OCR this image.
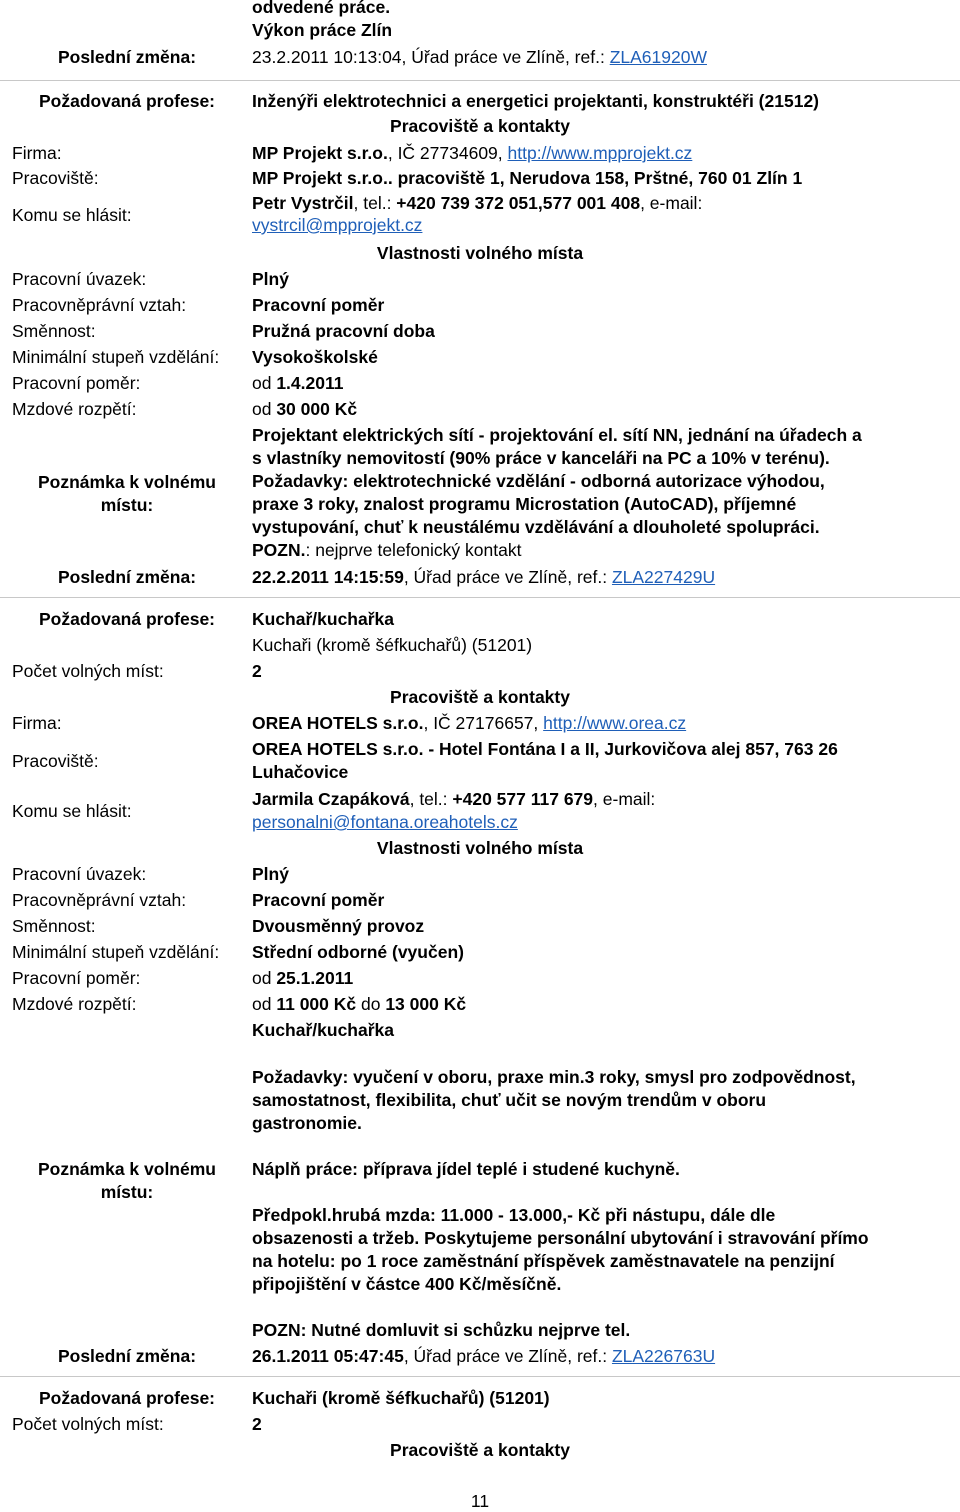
odvedené práce.
Výkon práce Zlín
Poslední změna:	23.2.2011 10:13:04, Úřad práce ve Zlíně, ref.: ZLA61920W
Požadovaná profese:	Inženýři elektrotechnici a energetici projektanti, konstruktéři (21512)
Pracoviště a kontakty
Firma:	MP Projekt s.r.o., IČ 27734609, http://www.mpprojekt.cz
Pracoviště:	MP Projekt s.r.o.. pracoviště 1, Nerudova 158, Prštné, 760 01 Zlín 1
Komu se hlásit:
Petr Vystrčil, tel.: +420 739 372 051,577 001 408, e-mail:
vystrcil@mpprojekt.cz
Vlastnosti volného místa
Pracovní úvazek:	Plný
Pracovněprávní vztah:	Pracovní poměr
Směnnost:	Pružná pracovní doba
Minimální stupeň vzdělání: Vysokoškolské
Pracovní poměr:	od 1.4.2011
Mzdové rozpětí:	od 30 000 Kč
Poznámka k volnému
místu:
Projektant elektrických sítí - projektování el. sítí NN, jednání na úřadech a
s vlastníky nemovitostí (90% práce v kanceláři na PC a 10% v terénu).
Požadavky: elektrotechnické vzdělání - odborná autorizace výhodou,
praxe 3 roky, znalost programu Microstation (AutoCAD), příjemné
vystupování, chuť k neustálému vzdělávání a dlouholeté spolupráci.
POZN.: nejprve telefonický kontakt
Poslední změna:	22.2.2011 14:15:59, Úřad práce ve Zlíně, ref.: ZLA227429U
Požadovaná profese:	Kuchař/kuchařka
Kuchaři (kromě šéfkuchařů) (51201)
Počet volných míst:	2
Pracoviště a kontakty
Firma:	OREA HOTELS s.r.o., IČ 27176657, http://www.orea.cz
Pracoviště:
OREA HOTELS s.r.o. - Hotel Fontána I a II, Jurkovičova alej 857, 763 26
Luhačovice
Komu se hlásit:
Jarmila Czapáková, tel.: +420 577 117 679, e-mail:
personalni@fontana.oreahotels.cz
Vlastnosti volného místa
Pracovní úvazek:	Plný
Pracovněprávní vztah:	Pracovní poměr
Směnnost:	Dvousměnný provoz
Minimální stupeň vzdělání: Střední odborné (vyučen)
Pracovní poměr:	od 25.1.2011
Mzdové rozpětí:	od 11 000 Kč do 13 000 Kč
Kuchař/kuchařka
Požadavky: vyučení v oboru, praxe min.3 roky, smysl pro zodpovědnost,
samostatnost, flexibilita, chuť učit se novým trendům v oboru
gastronomie.
Poznámka k volnému
místu:
Náplň práce: příprava jídel teplé i studené kuchyně.
Předpokl.hrubá mzda: 11.000 - 13.000,- Kč při nástupu, dále dle
obsazenosti a tržeb. Poskytujeme personální ubytování i stravování přímo
na hotelu: po 1 roce zaměstnání příspěvek zaměstnavatele na penzijní
připojištění v částce 400 Kč/měsíčně.
POZN: Nutné domluvit si schůzku nejprve tel.
Poslední změna:	26.1.2011 05:47:45, Úřad práce ve Zlíně, ref.: ZLA226763U
Požadovaná profese:	Kuchaři (kromě šéfkuchařů) (51201)
Počet volných míst:	2
Pracoviště a kontakty
11
